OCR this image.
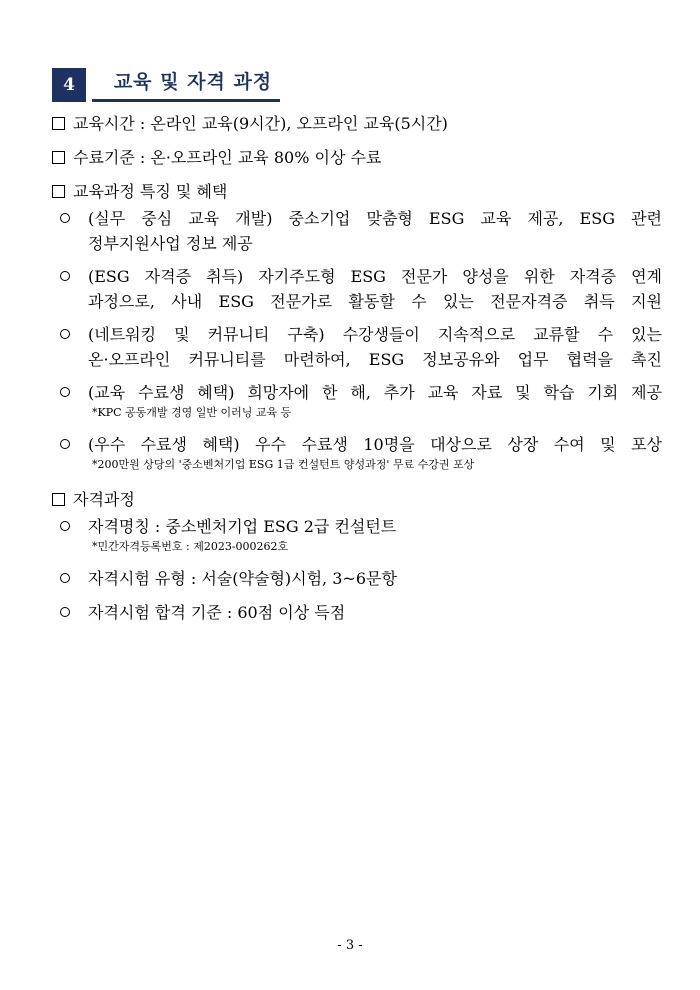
4	교육 및 자격 과정
교육시간 : 온라인 교육(9시간), 오프라인 교육(5시간)
수료기준 : 온·오프라인 교육 80% 이상 수료
교육과정 특징 및 혜택
(실무 중심 교육 개발) 중소기업 맞춤형 ESG 교육 제공, ESG 관련
정부지원사업 정보 제공
(ESG 자격증 취득) 자기주도형 ESG 전문가 양성을 위한 자격증 연계
과정으로, 사내 ESG 전문가로 활동할 수 있는 전문자격증 취득 지원
(네트워킹 및 커뮤니티 구축) 수강생들이 지속적으로 교류할 수 있는
온·오프라인 커뮤니티를 마련하여, ESG 정보공유와 업무 협력을 촉진
(교육 수료생 혜택) 희망자에 한 해, 추가 교육 자료 및 학습 기회 제공
*KPC 공동개발 경영 일반 이러닝 교육 등
(우수 수료생 혜택) 우수 수료생 10명을 대상으로 상장 수여 및 포상
*200만원 상당의 '중소벤처기업 ESG 1급 컨설턴트 양성과정' 무료 수강권 포상
자격과정
자격명칭 : 중소벤처기업 ESG 2급 컨설턴트
*민간자격등록번호 : 제2023-000262호
자격시험 유형 : 서술(약술형)시험, 3~6문항
자격시험 합격 기준 : 60점 이상 득점
- 3 -
